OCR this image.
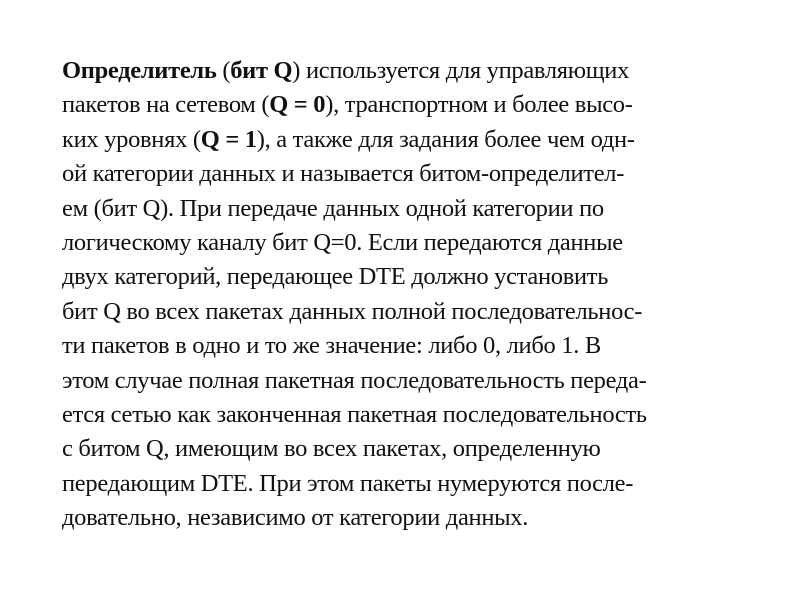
Определитель (бит Q) используется для управляющих
пакетов на сетевом (Q = 0), транспортном и более высо-
ких уровнях (Q = 1), а также для задания более чем одн-
ой категории данных и называется битом-определител-
ем (бит Q). При передаче данных одной категории по
логическому каналу бит Q=0. Если передаются данные
двух категорий, передающее DTE должно установить
бит Q во всех пакетах данных полной последовательнос-
ти пакетов в одно и то же значение: либо 0, либо 1. В
этом случае полная пакетная последовательность переда-
ется сетью как законченная пакетная последовательность
с битом Q, имеющим во всех пакетах, определенную
передающим DTE. При этом пакеты нумеруются после-
довательно, независимо от категории данных.
